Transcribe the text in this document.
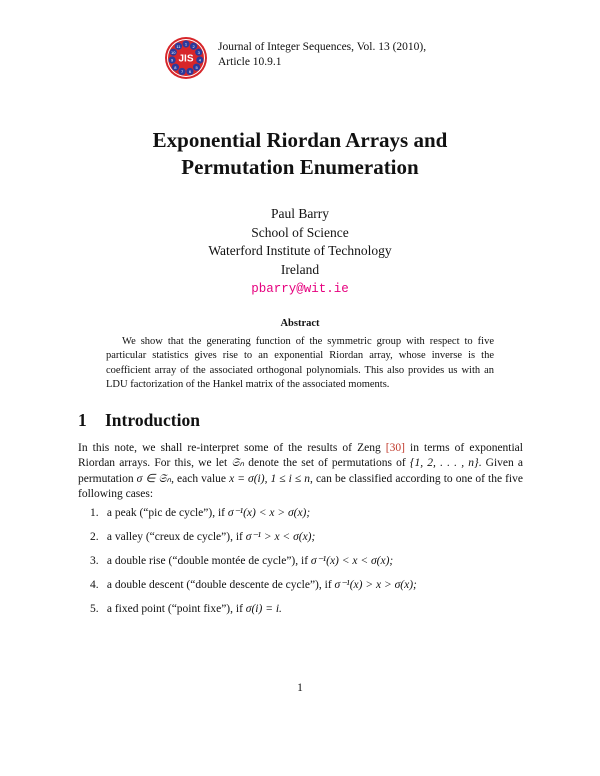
1 2
3
4
5
6
7
8
9
10
11
JIS
Journal of Integer Sequences, Vol. 13 (2010),
Article 10.9.1
Exponential Riordan Arrays and
Permutation Enumeration
Paul Barry
School of Science
Waterford Institute of Technology
Ireland
pbarry@wit.ie
Abstract
We show that the generating function of the symmetric group with respect to five particular statistics gives rise to an exponential Riordan array, whose inverse is the coefficient array of the associated orthogonal polynomials. This also provides us with an LDU factorization of the Hankel matrix of the associated moments.
1 Introduction
In this note, we shall re-interpret some of the results of Zeng [30] in terms of exponential Riordan arrays. For this, we let 𝔖ₙ denote the set of permutations of {1, 2, . . . , n}. Given a permutation σ ∈ 𝔖ₙ, each value x = σ(i), 1 ≤ i ≤ n, can be classified according to one of the five following cases:
1. a peak (“pic de cycle”), if σ⁻¹(x) < x > σ(x);
2. a valley (“creux de cycle”), if σ⁻¹ > x < σ(x);
3. a double rise (“double montée de cycle”), if σ⁻¹(x) < x < σ(x);
4. a double descent (“double descente de cycle”), if σ⁻¹(x) > x > σ(x);
5. a fixed point (“point fixe”), if σ(i) = i.
1
